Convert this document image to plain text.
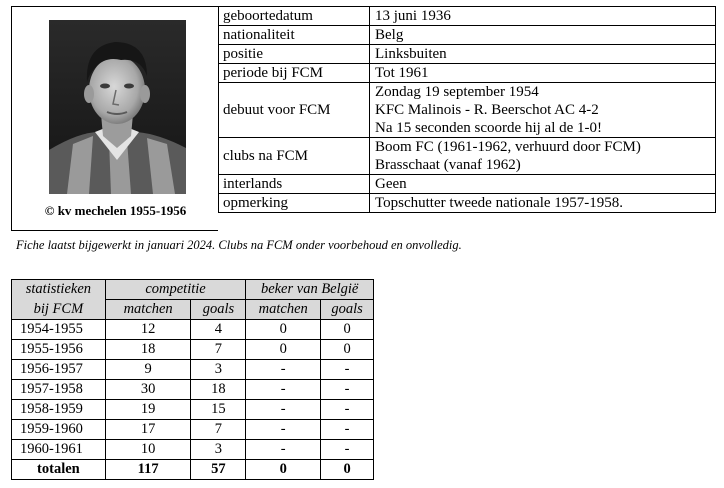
© kv mechelen 1955-1956
geboortedatum	13 juni 1936

nationaliteit	Belg

positie	Linksbuiten

periode bij FCM	Tot 1961

debuut voor FCM	Zondag 19 september 1954
KFC Malinois - R. Beerschot AC 4-2
Na 15 seconden scoorde hij al de 1-0!

clubs na FCM	Boom FC (1961-1962, verhuurd door FCM)
Brasschaat (vanaf 1962)

interlands	Geen

opmerking	Topschutter tweede nationale 1957-1958.
Fiche laatst bijgewerkt in januari 2024. Clubs na FCM onder voorbehoud en onvolledig.
statistieken	competitie		beker van België	
bij FCM	matchen	goals	matchen	goals
1954-1955	12	4	0	0
1955-1956	18	7	0	0
1956-1957	9	3	-	-
1957-1958	30	18	-	-
1958-1959	19	15	-	-
1959-1960	17	7	-	-
1960-1961	10	3	-	-
totalen	117	57	0	0
